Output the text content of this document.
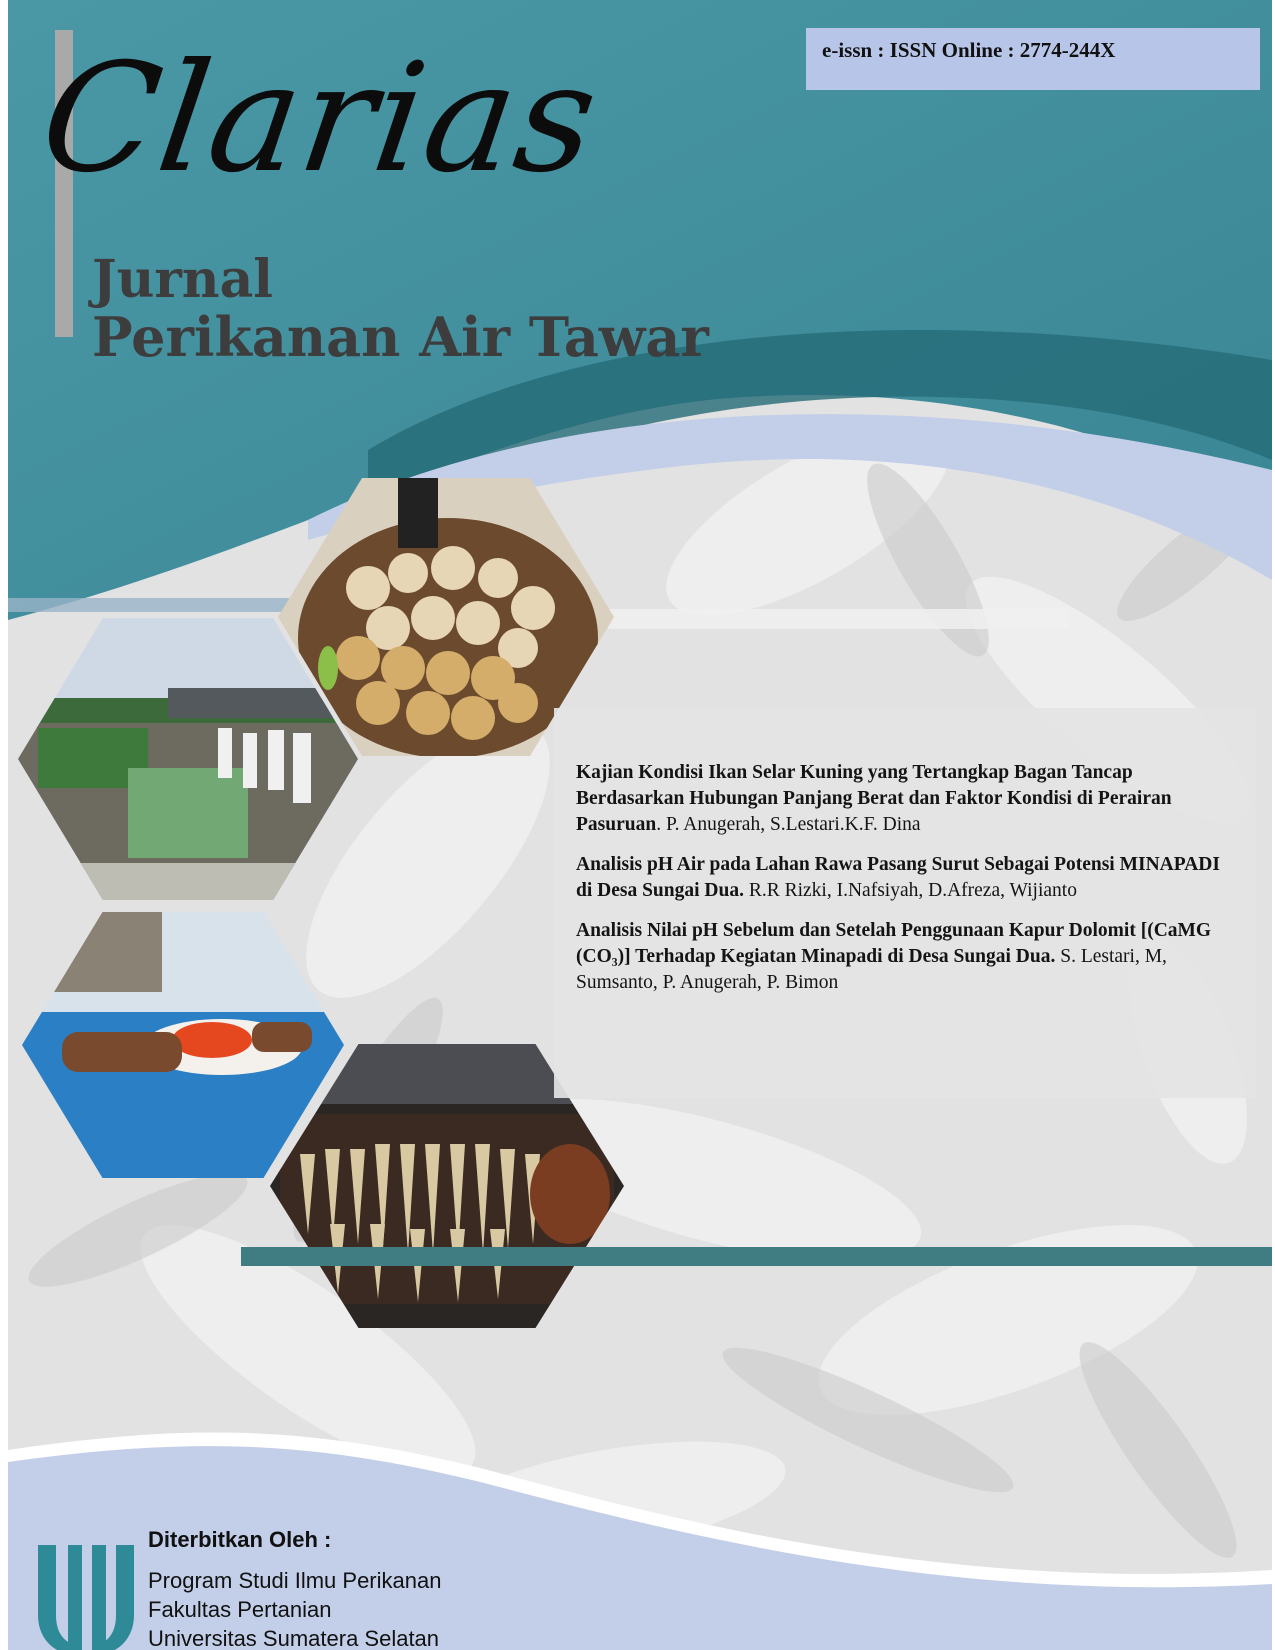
e-issn : ISSN Online : 2774-244X
Clarias
Jurnal
Perikanan Air Tawar

Kajian Kondisi Ikan Selar Kuning yang Tertangkap Bagan Tancap Berdasarkan Hubungan Panjang Berat dan Faktor Kondisi di Perairan Pasuruan. P. Anugerah, S.Lestari.K.F. Dina

Analisis pH Air pada Lahan Rawa Pasang Surut Sebagai Potensi MINAPADI di Desa Sungai Dua. R.R Rizki, I.Nafsiyah, D.Afreza, Wijianto

Analisis Nilai pH Sebelum dan Setelah Penggunaan Kapur Dolomit [(CaMG (CO₃)] Terhadap Kegiatan Minapadi di Desa Sungai Dua. S. Lestari, M, Sumsanto, P. Anugerah, P. Bimon

Diterbitkan Oleh :
Program Studi Ilmu Perikanan
Fakultas Pertanian
Universitas Sumatera Selatan
